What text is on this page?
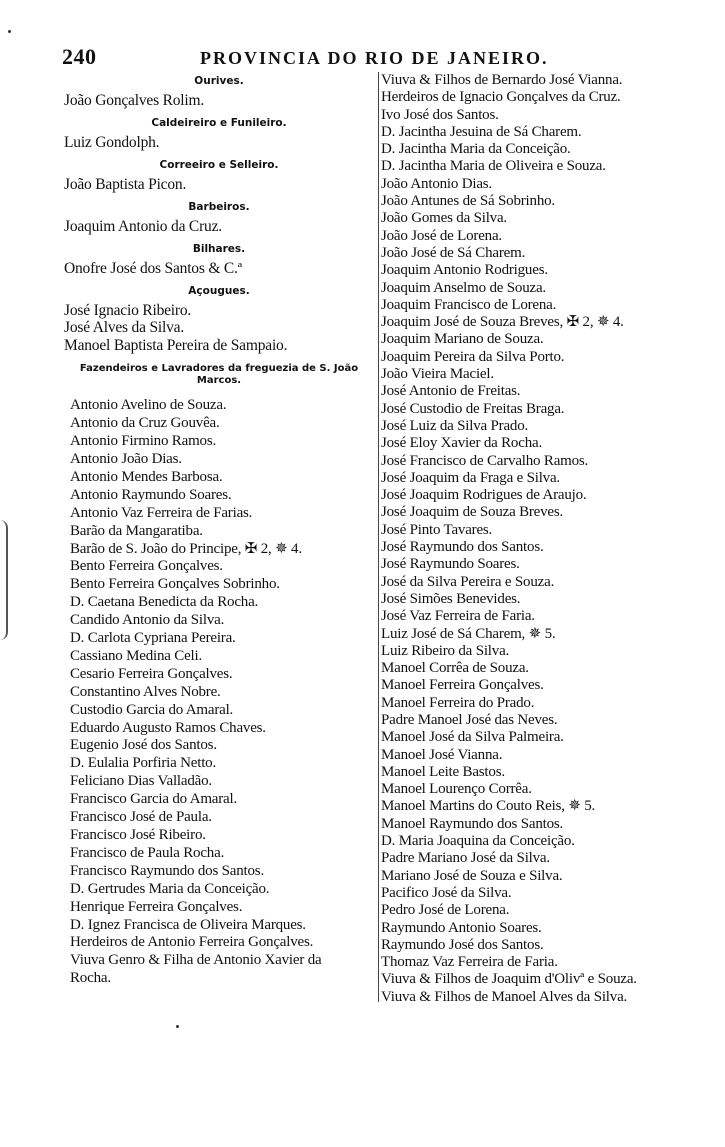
240	PROVINCIA DO RIO DE JANEIRO.
Ourives.
João Gonçalves Rolim.
Caldeireiro e Funileiro.
Luiz Gondolph.
Correeiro e Selleiro.
João Baptista Picon.
Barbeiros.
Joaquim Antonio da Cruz.
Bilhares.
Onofre José dos Santos & C.ª
Açougues.
José Ignacio Ribeiro.
José Alves da Silva.
Manoel Baptista Pereira de Sampaio.
Fazendeiros e Lavradores da freguezia de S. João Marcos.
Antonio Avelino de Souza.
Antonio da Cruz Gouvêa.
Antonio Firmino Ramos.
Antonio João Dias.
Antonio Mendes Barbosa.
Antonio Raymundo Soares.
Antonio Vaz Ferreira de Farias.
Barão da Mangaratiba.
Barão de S. João do Principe, ✠ 2, ✵ 4.
Bento Ferreira Gonçalves.
Bento Ferreira Gonçalves Sobrinho.
D. Caetana Benedicta da Rocha.
Candido Antonio da Silva.
D. Carlota Cypriana Pereira.
Cassiano Medina Celi.
Cesario Ferreira Gonçalves.
Constantino Alves Nobre.
Custodio Garcia do Amaral.
Eduardo Augusto Ramos Chaves.
Eugenio José dos Santos.
D. Eulalia Porfiria Netto.
Feliciano Dias Valladão.
Francisco Garcia do Amaral.
Francisco José de Paula.
Francisco José Ribeiro.
Francisco de Paula Rocha.
Francisco Raymundo dos Santos.
D. Gertrudes Maria da Conceição.
Henrique Ferreira Gonçalves.
D. Ignez Francisca de Oliveira Marques.
Herdeiros de Antonio Ferreira Gonçalves.
Viuva Genro & Filha de Antonio Xavier da
Rocha.
Viuva & Filhos de Bernardo José Vianna.
Herdeiros de Ignacio Gonçalves da Cruz.
Ivo José dos Santos.
D. Jacintha Jesuina de Sá Charem.
D. Jacintha Maria da Conceição.
D. Jacintha Maria de Oliveira e Souza.
João Antonio Dias.
João Antunes de Sá Sobrinho.
João Gomes da Silva.
João José de Lorena.
João José de Sá Charem.
Joaquim Antonio Rodrigues.
Joaquim Anselmo de Souza.
Joaquim Francisco de Lorena.
Joaquim José de Souza Breves, ✠ 2, ✵ 4.
Joaquim Mariano de Souza.
Joaquim Pereira da Silva Porto.
João Vieira Maciel.
José Antonio de Freitas.
José Custodio de Freitas Braga.
José Luiz da Silva Prado.
José Eloy Xavier da Rocha.
José Francisco de Carvalho Ramos.
José Joaquim da Fraga e Silva.
José Joaquim Rodrigues de Araujo.
José Joaquim de Souza Breves.
José Pinto Tavares.
José Raymundo dos Santos.
José Raymundo Soares.
José da Silva Pereira e Souza.
José Simões Benevides.
José Vaz Ferreira de Faria.
Luiz José de Sá Charem, ✵ 5.
Luiz Ribeiro da Silva.
Manoel Corrêa de Souza.
Manoel Ferreira Gonçalves.
Manoel Ferreira do Prado.
Padre Manoel José das Neves.
Manoel José da Silva Palmeira.
Manoel José Vianna.
Manoel Leite Bastos.
Manoel Lourenço Corrêa.
Manoel Martins do Couto Reis, ✵ 5.
Manoel Raymundo dos Santos.
D. Maria Joaquina da Conceição.
Padre Mariano José da Silva.
Mariano José de Souza e Silva.
Pacifico José da Silva.
Pedro José de Lorena.
Raymundo Antonio Soares.
Raymundo José dos Santos.
Thomaz Vaz Ferreira de Faria.
Viuva & Filhos de Joaquim d'Olivª e Souza.
Viuva & Filhos de Manoel Alves da Silva.
